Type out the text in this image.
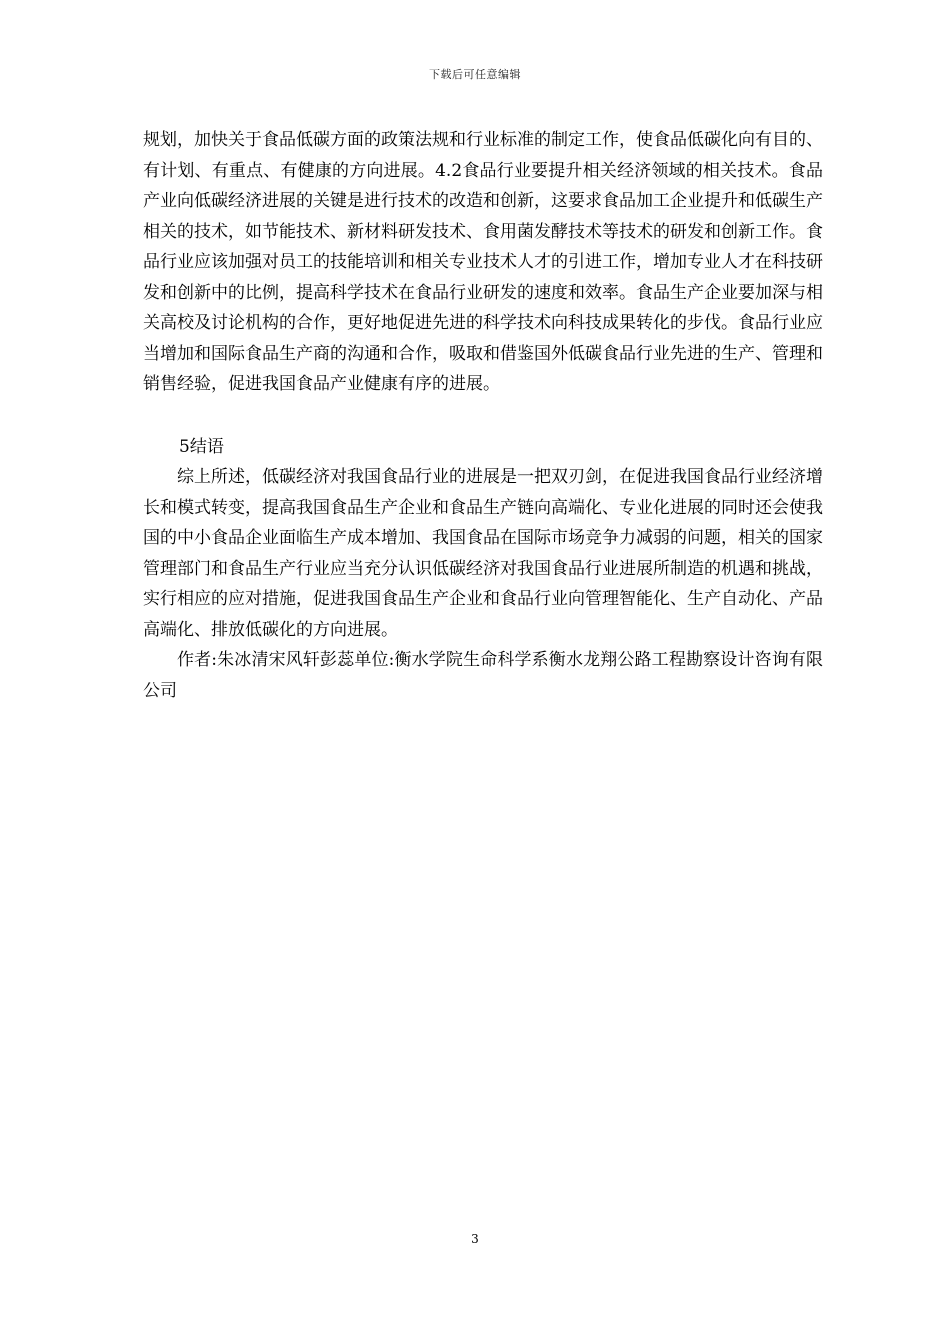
下载后可任意编辑

规划，加快关于食品低碳方面的政策法规和行业标准的制定工作，使食品低碳化向有目的、有计划、有重点、有健康的方向进展。4.2食品行业要提升相关经济领域的相关技术。食品产业向低碳经济进展的关键是进行技术的改造和创新，这要求食品加工企业提升和低碳生产相关的技术，如节能技术、新材料研发技术、食用菌发酵技术等技术的研发和创新工作。食品行业应该加强对员工的技能培训和相关专业技术人才的引进工作，增加专业人才在科技研发和创新中的比例，提高科学技术在食品行业研发的速度和效率。食品生产企业要加深与相关高校及讨论机构的合作，更好地促进先进的科学技术向科技成果转化的步伐。食品行业应当增加和国际食品生产商的沟通和合作，吸取和借鉴国外低碳食品行业先进的生产、管理和销售经验，促进我国食品产业健康有序的进展。

5结语

综上所述，低碳经济对我国食品行业的进展是一把双刃剑，在促进我国食品行业经济增长和模式转变，提高我国食品生产企业和食品生产链向高端化、专业化进展的同时还会使我国的中小食品企业面临生产成本增加、我国食品在国际市场竞争力减弱的问题，相关的国家管理部门和食品生产行业应当充分认识低碳经济对我国食品行业进展所制造的机遇和挑战，实行相应的应对措施，促进我国食品生产企业和食品行业向管理智能化、生产自动化、产品高端化、排放低碳化的方向进展。

作者:朱冰清宋风轩彭蕊单位:衡水学院生命科学系衡水龙翔公路工程勘察设计咨询有限公司

3
